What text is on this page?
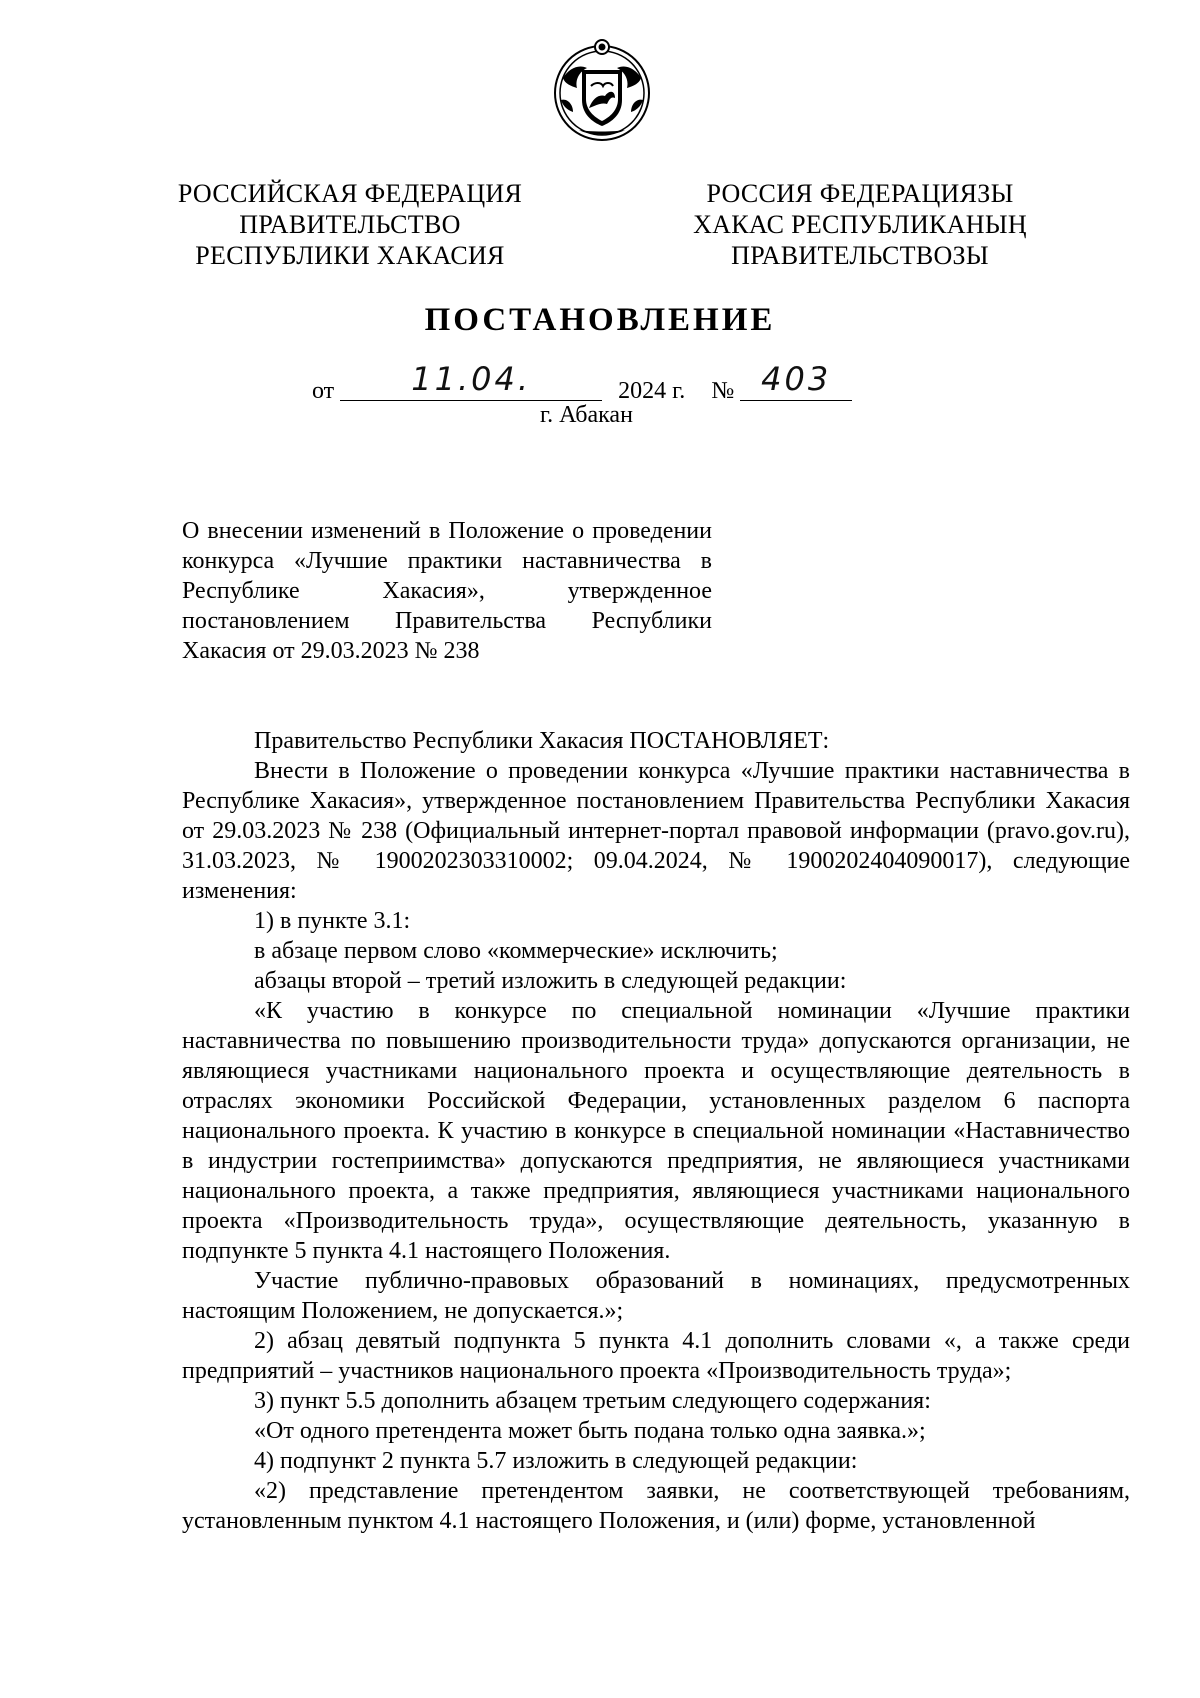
РОССИЙСКАЯ ФЕДЕРАЦИЯ
ПРАВИТЕЛЬСТВО
РЕСПУБЛИКИ ХАКАСИЯ
РОССИЯ ФЕДЕРАЦИЯЗЫ
ХАКАС РЕСПУБЛИКАНЫҢ
ПРАВИТЕЛЬСТВОЗЫ
ПОСТАНОВЛЕНИЕ
от 11.04.	2024 г. № 403
г. Абакан
О внесении изменений в Положение о проведении конкурса «Лучшие практики наставничества в Республике Хакасия», утвержденное постановлением Правительства Республики Хакасия от 29.03.2023 № 238

Правительство Республики Хакасия ПОСТАНОВЛЯЕТ:

Внести в Положение о проведении конкурса «Лучшие практики наставничества в Республике Хакасия», утвержденное постановлением Правительства Республики Хакасия от 29.03.2023 № 238 (Официальный интернет-портал правовой информации (pravo.gov.ru), 31.03.2023, № 1900202303310002; 09.04.2024, № 1900202404090017), следующие изменения:

1) в пункте 3.1:

в абзаце первом слово «коммерческие» исключить;

абзацы второй – третий изложить в следующей редакции:

«К участию в конкурсе по специальной номинации «Лучшие практики наставничества по повышению производительности труда» допускаются организации, не являющиеся участниками национального проекта и осуществляющие деятельность в отраслях экономики Российской Федерации, установленных разделом 6 паспорта национального проекта. К участию в конкурсе в специальной номинации «Наставничество в индустрии гостеприимства» допускаются предприятия, не являющиеся участниками национального проекта, а также предприятия, являющиеся участниками национального проекта «Производительность труда», осуществляющие деятельность, указанную в подпункте 5 пункта 4.1 настоящего Положения.

Участие публично-правовых образований в номинациях, предусмотренных настоящим Положением, не допускается.»;

2) абзац девятый подпункта 5 пункта 4.1 дополнить словами «, а также среди предприятий – участников национального проекта «Производительность труда»;

3) пункт 5.5 дополнить абзацем третьим следующего содержания:

«От одного претендента может быть подана только одна заявка.»;

4) подпункт 2 пункта 5.7 изложить в следующей редакции:

«2) представление претендентом заявки, не соответствующей требованиям, установленным пунктом 4.1 настоящего Положения, и (или) форме, установленной
